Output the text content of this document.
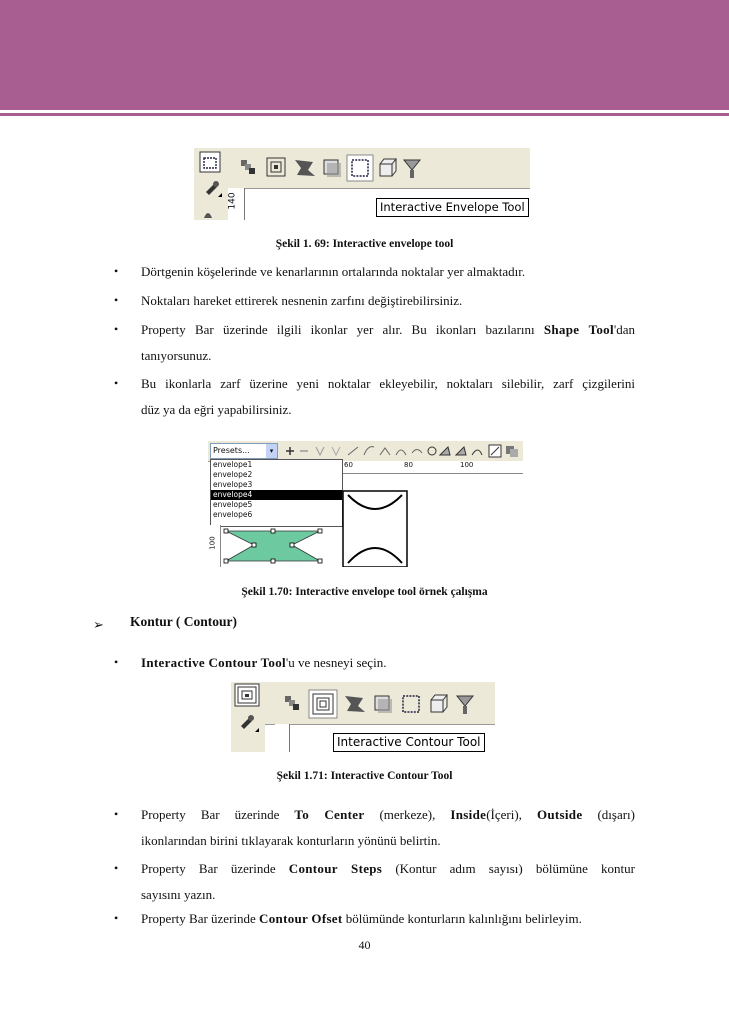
140	Interactive Envelope Tool
Şekil 1. 69: Interactive envelope tool
• Dörtgenin köşelerinde ve kenarlarının ortalarında noktalar yer almaktadır.
• Noktaları hareket ettirerek nesnenin zarfını değiştirebilirsiniz.
• Property Bar üzerinde ilgili ikonlar yer alır. Bu ikonları bazılarını Shape Tool'dan
tanıyorsunuz.
• Bu ikonlarla zarf üzerine yeni noktalar ekleyebilir, noktaları silebilir, zarf çizgilerini
düz ya da eğri yapabilirsiniz.
Presets...	▾
60	80	100
envelope1
envelope2
envelope3
envelope4
envelope5
envelope6
100
Şekil 1.70: Interactive envelope tool örnek çalışma
➢ Kontur ( Contour)
• Interactive Contour Tool'u ve nesneyi seçin.
Interactive Contour Tool
Şekil 1.71: Interactive Contour Tool
• Property Bar üzerinde To Center (merkeze), Inside(İçeri), Outside (dışarı)
ikonlarından birini tıklayarak konturların yönünü belirtin.
• Property Bar üzerinde Contour Steps (Kontur adım sayısı) bölümüne kontur
sayısını yazın.
• Property Bar üzerinde Contour Ofset bölümünde konturların kalınlığını belirleyim.
40
